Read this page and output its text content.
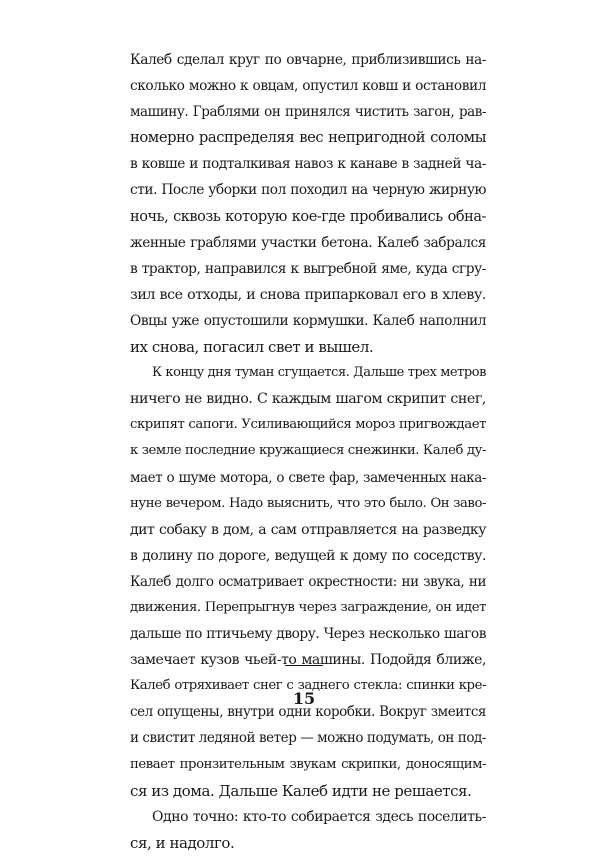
Калеб сделал круг по овчарне, приблизившись на-
сколько можно к овцам, опустил ковш и остановил
машину. Граблями он принялся чистить загон, рав-
номерно распределяя вес непригодной соломы
в ковше и подталкивая навоз к канаве в задней ча-
сти. После уборки пол походил на черную жирную
ночь, сквозь которую кое-где пробивались обна-
женные граблями участки бетона. Калеб забрался
в трактор, направился к выгребной яме, куда сгру-
зил все отходы, и снова припарковал его в хлеву.
Овцы уже опустошили кормушки. Калеб наполнил
их снова, погасил свет и вышел.

К концу дня туман сгущается. Дальше трех метров
ничего не видно. С каждым шагом скрипит снег,
скрипят сапоги. Усиливающийся мороз пригвождает
к земле последние кружащиеся снежинки. Калеб ду-
мает о шуме мотора, о свете фар, замеченных нака-
нуне вечером. Надо выяснить, что это было. Он заво-
дит собаку в дом, а сам отправляется на разведку
в долину по дороге, ведущей к дому по соседству.
Калеб долго осматривает окрестности: ни звука, ни
движения. Перепрыгнув через заграждение, он идет
дальше по птичьему двору. Через несколько шагов
замечает кузов чьей-то машины. Подойдя ближе,
Калеб отряхивает снег с заднего стекла: спинки кре-
сел опущены, внутри одни коробки. Вокруг змеится
и свистит ледяной ветер — можно подумать, он под-
певает пронзительным звукам скрипки, доносящим-
ся из дома. Дальше Калеб идти не решается.

Одно точно: кто-то собирается здесь поселить-
ся, и надолго.

15
